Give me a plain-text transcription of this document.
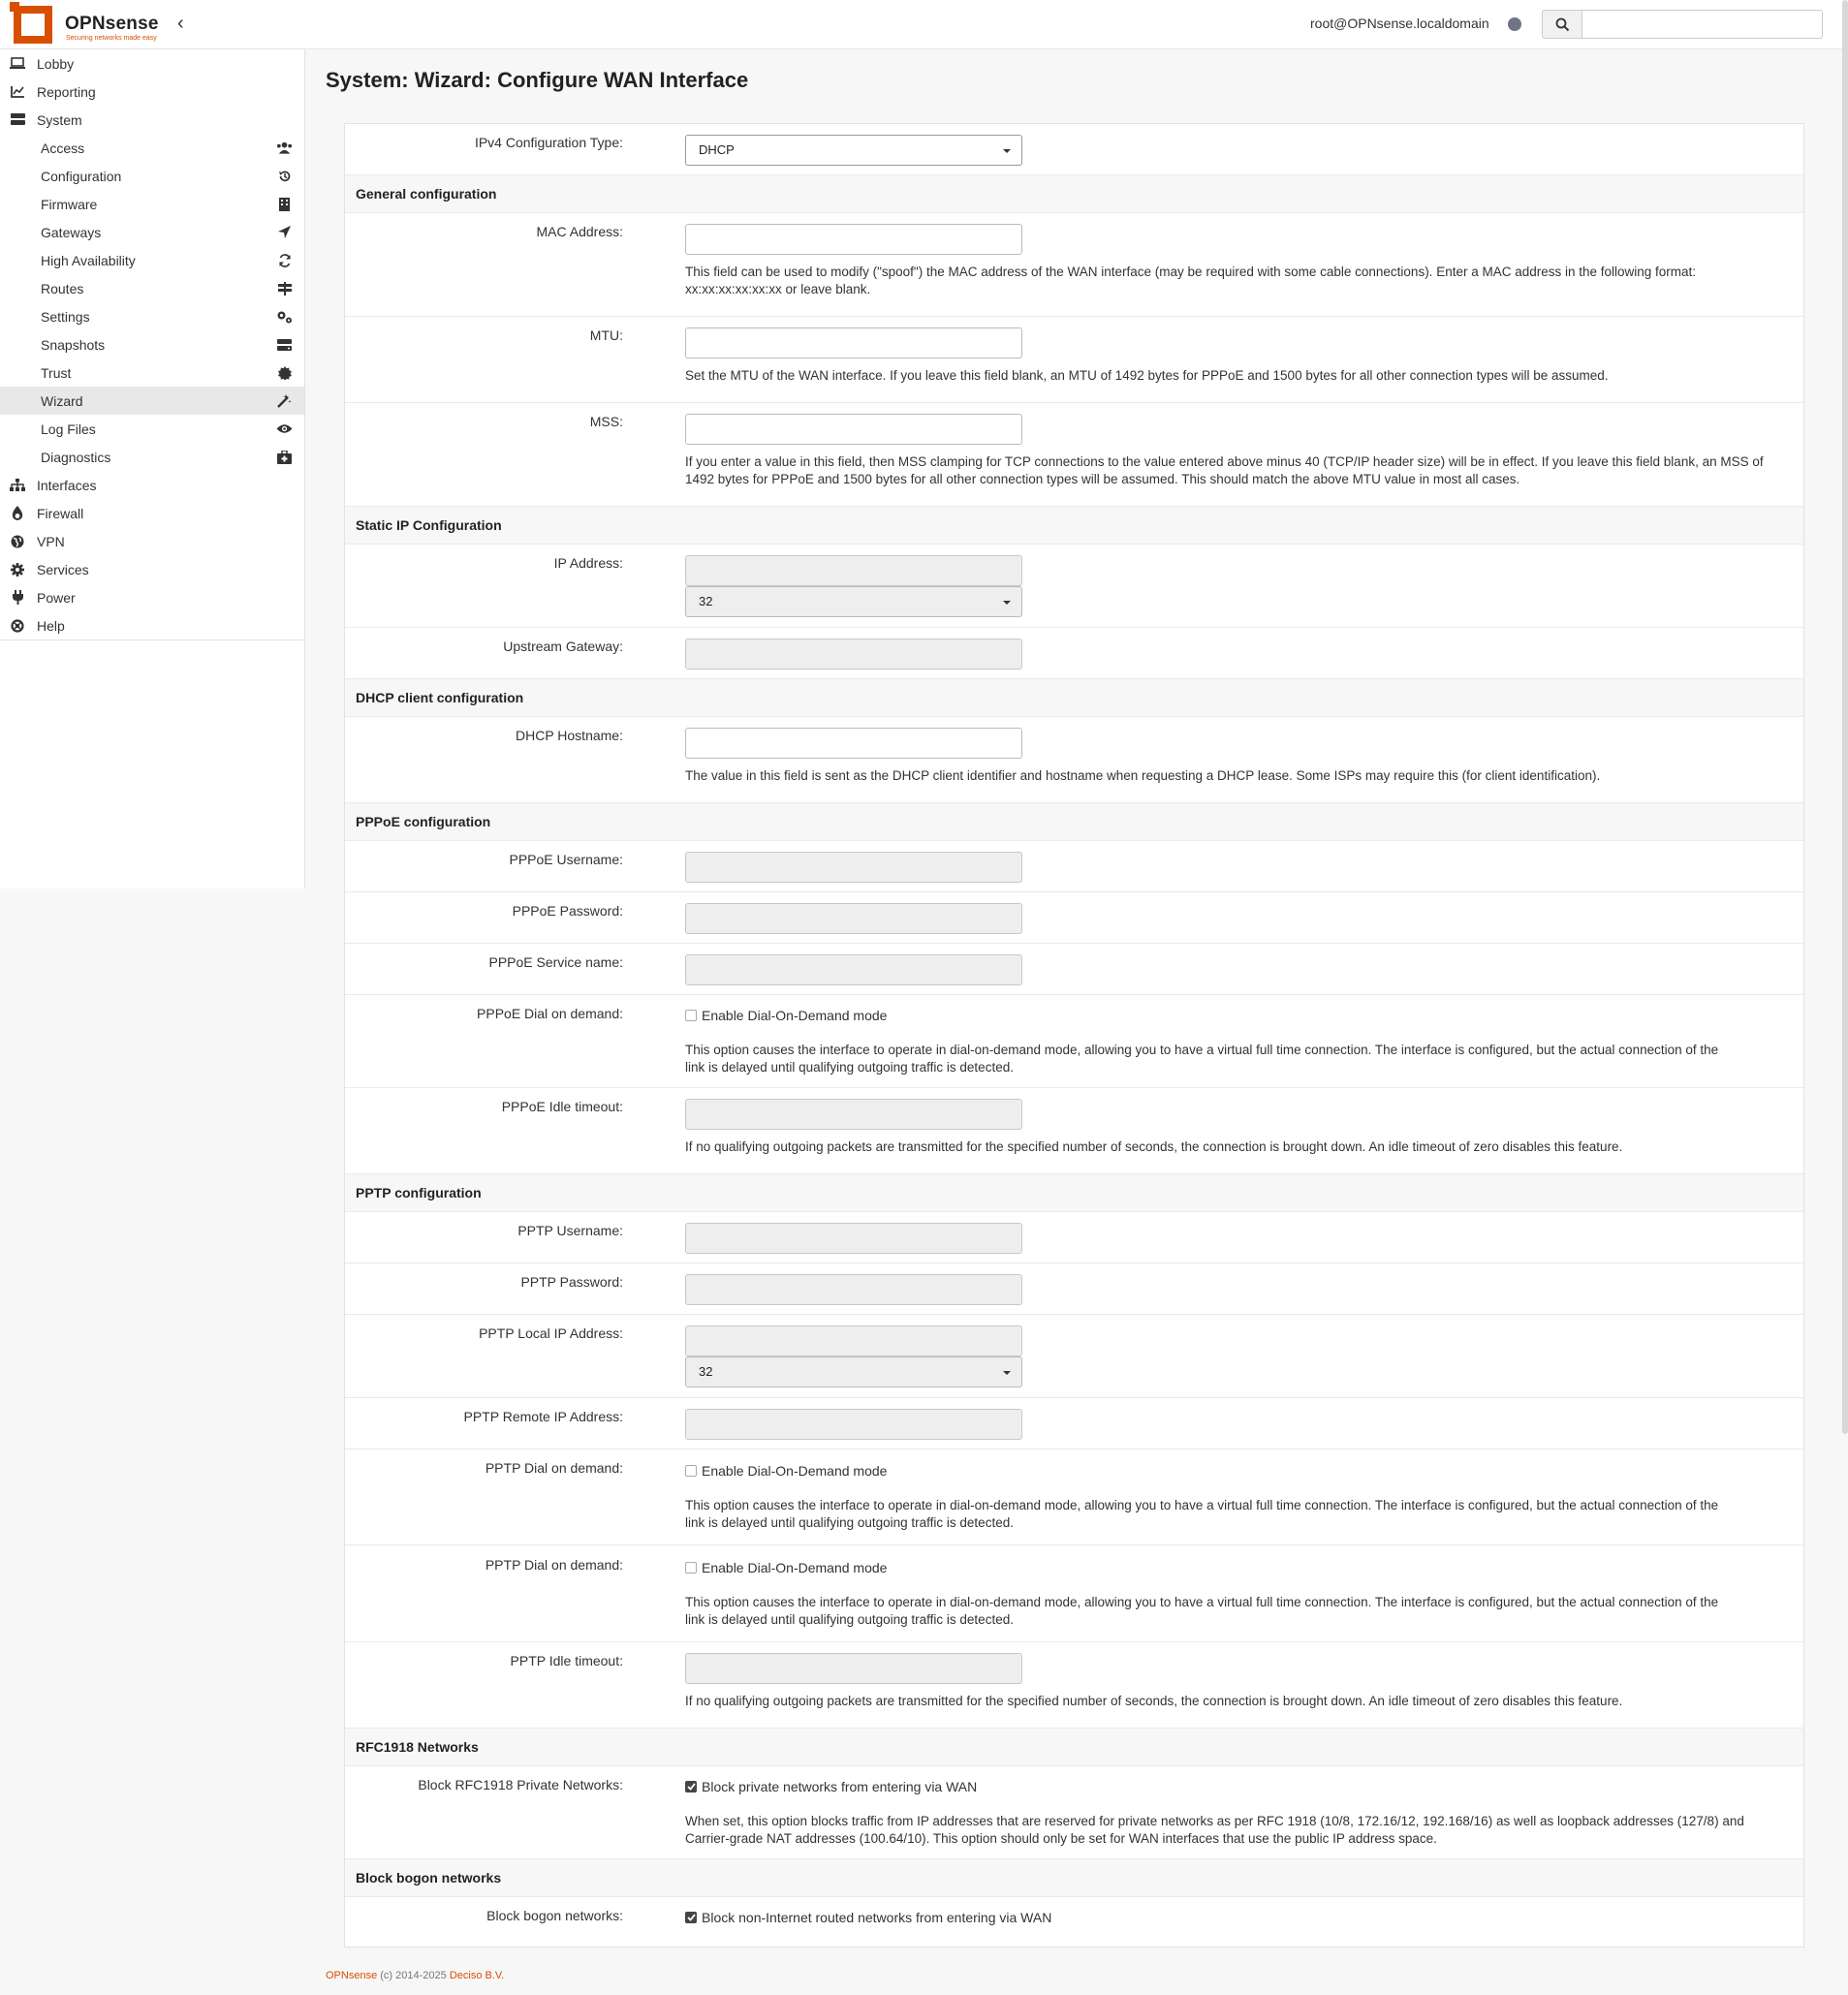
OPNsense
Securing networks made easy
‹	root@OPNsense.localdomain
Lobby
Reporting
System
Access
Configuration
Firmware
Gateways
High Availability
Routes
Settings
Snapshots
Trust
Wizard
Log Files
Diagnostics
Interfaces
Firewall
VPN
Services
Power
Help
System: Wizard: Configure WAN Interface
IPv4 Configuration Type:	DHCP
General configuration
MAC Address:
This field can be used to modify ("spoof") the MAC address of the WAN interface (may be required with some cable connections). Enter a MAC address in the following format:
xx:xx:xx:xx:xx:xx or leave blank.
MTU:
Set the MTU of the WAN interface. If you leave this field blank, an MTU of 1492 bytes for PPPoE and 1500 bytes for all other connection types will be assumed.
MSS:
If you enter a value in this field, then MSS clamping for TCP connections to the value entered above minus 40 (TCP/IP header size) will be in effect. If you leave this field blank, an MSS of
1492 bytes for PPPoE and 1500 bytes for all other connection types will be assumed. This should match the above MTU value in most all cases.
Static IP Configuration
IP Address:
32
Upstream Gateway:
DHCP client configuration
DHCP Hostname:
The value in this field is sent as the DHCP client identifier and hostname when requesting a DHCP lease. Some ISPs may require this (for client identification).
PPPoE configuration
PPPoE Username:
PPPoE Password:
PPPoE Service name:
PPPoE Dial on demand:	Enable Dial-On-Demand mode
This option causes the interface to operate in dial-on-demand mode, allowing you to have a virtual full time connection. The interface is configured, but the actual connection of the
link is delayed until qualifying outgoing traffic is detected.
PPPoE Idle timeout:
If no qualifying outgoing packets are transmitted for the specified number of seconds, the connection is brought down. An idle timeout of zero disables this feature.
PPTP configuration
PPTP Username:
PPTP Password:
PPTP Local IP Address:
32
PPTP Remote IP Address:
PPTP Dial on demand:	Enable Dial-On-Demand mode
This option causes the interface to operate in dial-on-demand mode, allowing you to have a virtual full time connection. The interface is configured, but the actual connection of the
link is delayed until qualifying outgoing traffic is detected.
PPTP Dial on demand:	Enable Dial-On-Demand mode
This option causes the interface to operate in dial-on-demand mode, allowing you to have a virtual full time connection. The interface is configured, but the actual connection of the
link is delayed until qualifying outgoing traffic is detected.
PPTP Idle timeout:
If no qualifying outgoing packets are transmitted for the specified number of seconds, the connection is brought down. An idle timeout of zero disables this feature.
RFC1918 Networks
Block RFC1918 Private Networks:	Block private networks from entering via WAN
When set, this option blocks traffic from IP addresses that are reserved for private networks as per RFC 1918 (10/8, 172.16/12, 192.168/16) as well as loopback addresses (127/8) and
Carrier-grade NAT addresses (100.64/10). This option should only be set for WAN interfaces that use the public IP address space.
Block bogon networks
Block bogon networks:	Block non-Internet routed networks from entering via WAN
OPNsense (c) 2014-2025 Deciso B.V.
